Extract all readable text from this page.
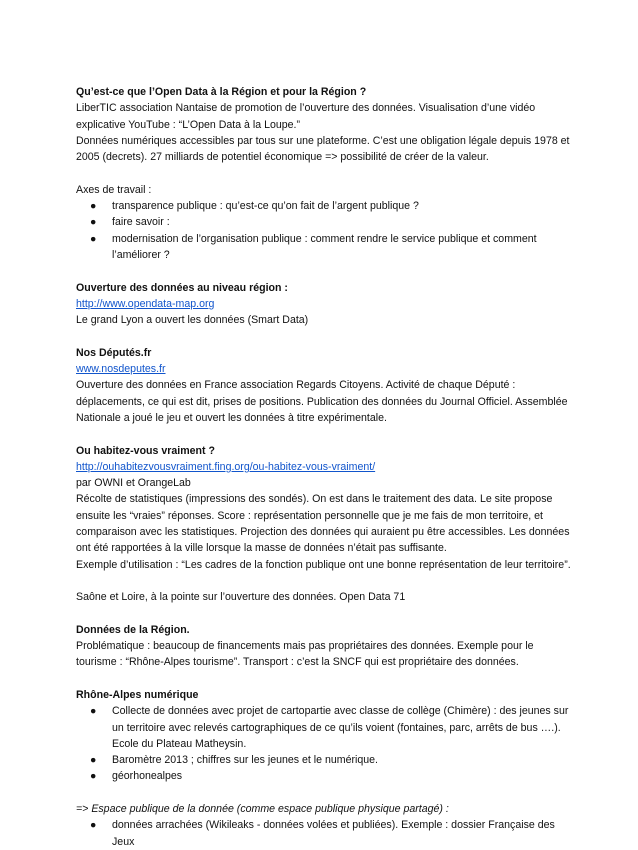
Qu’est-ce que l’Open Data à la Région et pour la Région ?

LiberTIC association Nantaise de promotion de l’ouverture des données. Visualisation d’une vidéo explicative YouTube : “L’Open Data à la Loupe.”

Données numériques accessibles par tous sur une plateforme. C’est une obligation légale depuis 1978 et 2005 (decrets). 27 milliards de potentiel économique => possibilité de créer de la valeur.

Axes de travail :

● transparence publique : qu’est-ce qu’on fait de l’argent publique ?
● faire savoir :
● modernisation de l’organisation publique : comment rendre le service publique et comment l’améliorer ?

Ouverture des données au niveau région :

http://www.opendata-map.org

Le grand Lyon a ouvert les données (Smart Data)

Nos Députés.fr

www.nosdeputes.fr

Ouverture des données en France association Regards Citoyens. Activité de chaque Député : déplacements, ce qui est dit, prises de positions. Publication des données du Journal Officiel. Assemblée Nationale a joué le jeu et ouvert les données à titre expérimentale.

Ou habitez-vous vraiment ?

http://ouhabitezvousvraiment.fing.org/ou-habitez-vous-vraiment/

par OWNI et OrangeLab

Récolte de statistiques (impressions des sondés). On est dans le traitement des data. Le site propose ensuite les “vraies” réponses. Score : représentation personnelle que je me fais de mon territoire, et comparaison avec les statistiques. Projection des données qui auraient pu être accessibles. Les données ont été rapportées à la ville lorsque la masse de données n’était pas suffisante.

Exemple d’utilisation : “Les cadres de la fonction publique ont une bonne représentation de leur territoire”.

Saône et Loire, à la pointe sur l’ouverture des données. Open Data 71

Données de la Région.

Problématique : beaucoup de financements mais pas propriétaires des données. Exemple pour le tourisme : “Rhône-Alpes tourisme”. Transport : c’est la SNCF qui est propriétaire des données.

Rhône-Alpes numérique

● Collecte de données avec projet de cartopartie avec classe de collège (Chimère) : des jeunes sur un territoire avec relevés cartographiques de ce qu’ils voient (fontaines, parc, arrêts de bus ….). Ecole du Plateau Matheysin.
● Baromètre 2013 ; chiffres sur les jeunes et le numérique.
● géorhonealpes

=> Espace publique de la donnée (comme espace publique physique partagé) :

● données arrachées (Wikileaks - données volées et publiées). Exemple : dossier Française des Jeux
